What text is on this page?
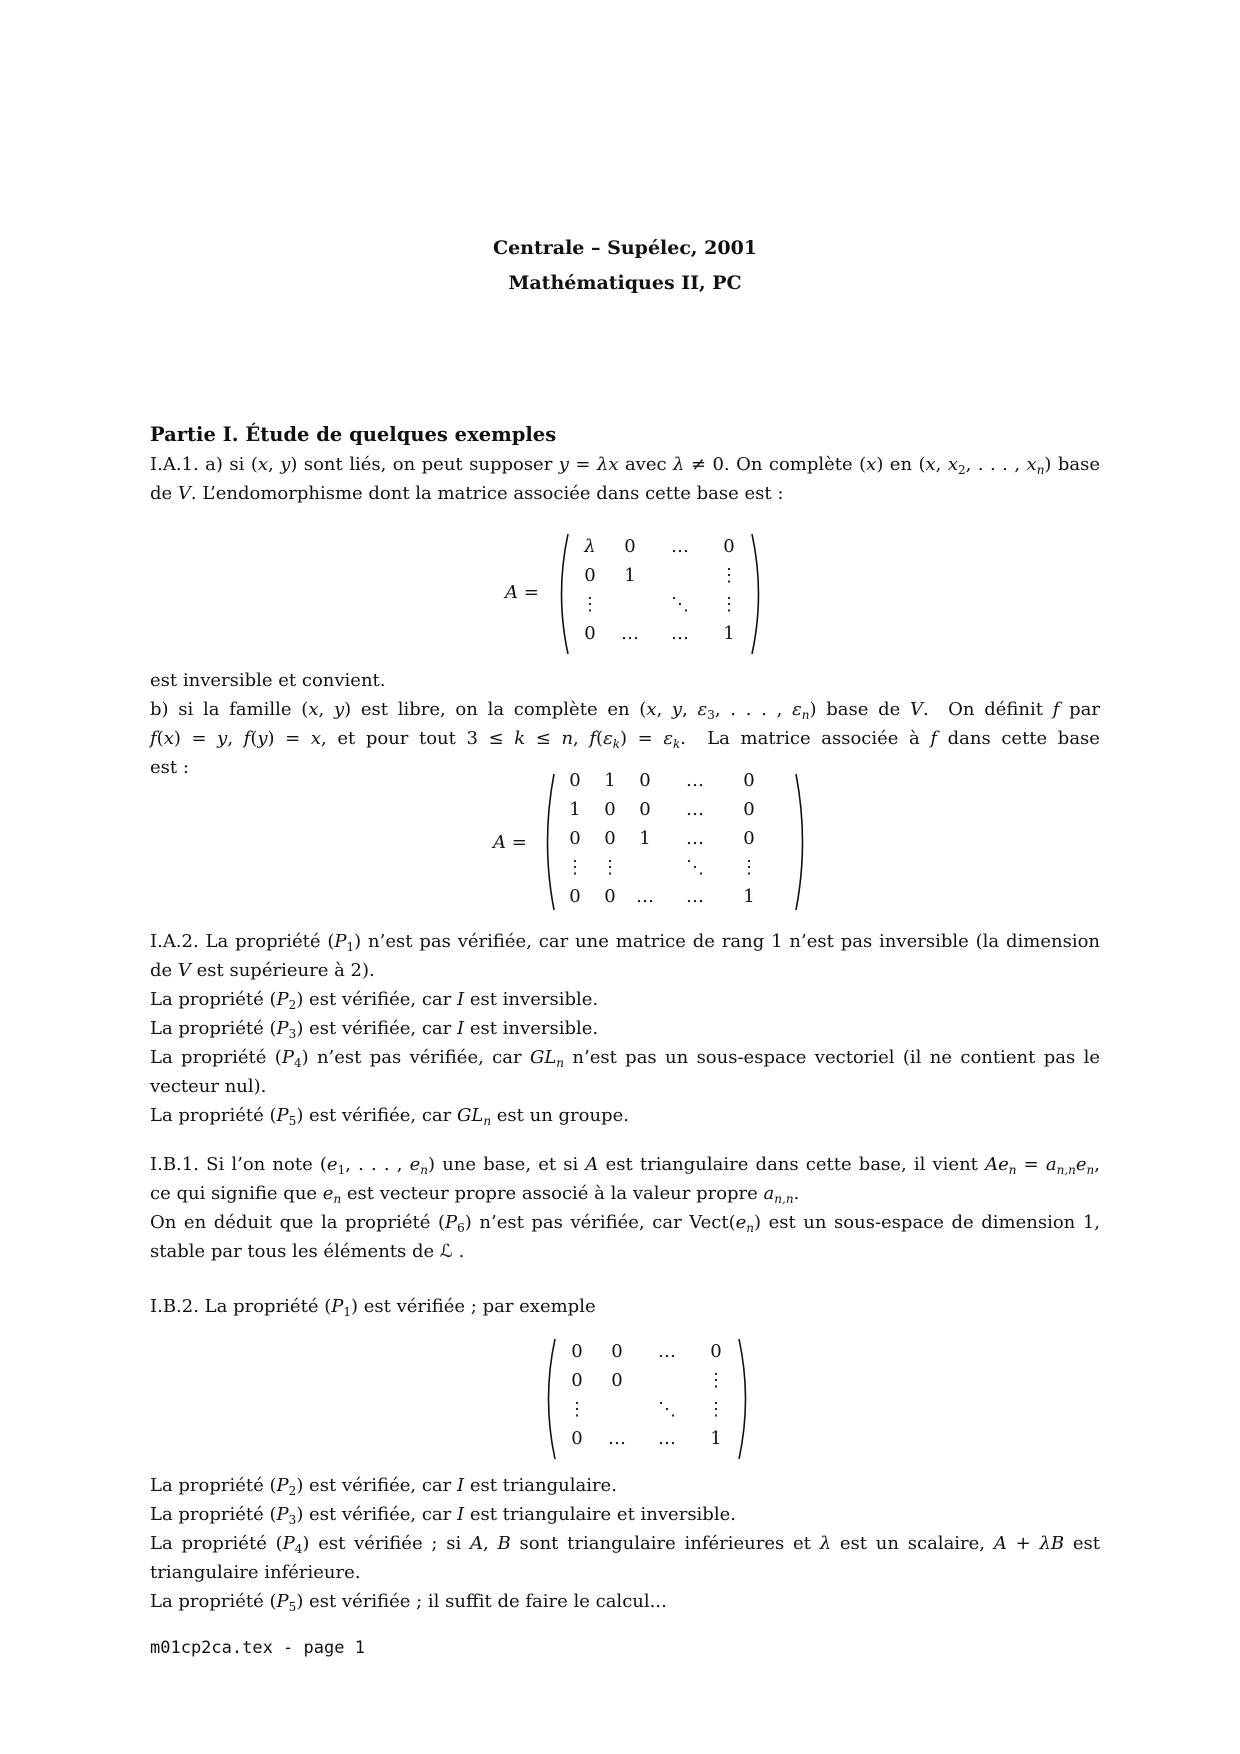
Centrale – Supélec, 2001
Mathématiques II, PC
Partie I. Étude de quelques exemples
I.A.1. a) si (x, y) sont liés, on peut supposer y = λx avec λ ≠ 0. On complète (x) en (x, $x_2$, . . . , $x_n$) base
de V. L’endomorphisme dont la matrice associée dans cette base est :
A =
λ	0	…	0
0	1		⋮
⋮		⋱	⋮
0	…	…	1
est inversible et convient.
b) si la famille (x, y) est libre, on la complète en (x, y, $\varepsilon_3$, . . . , $\varepsilon_n$) base de V.  On définit f par
f(x) = y, f(y) = x, et pour tout 3 ≤ k ≤ n, $f(\varepsilon_k) = \varepsilon_k$.  La matrice associée à f dans cette base
est :
A =
0	1	0	…	0
1	0	0	…	0
0	0	1	…	0
⋮	⋮		⋱	⋮
0	0	…	…	1
I.A.2. La propriété $(P_1)$ n’est pas vérifiée, car une matrice de rang 1 n’est pas inversible (la dimension
de V est supérieure à 2).
La propriété $(P_2)$ est vérifiée, car I est inversible.
La propriété $(P_3)$ est vérifiée, car I est inversible.
La propriété $(P_4)$ n’est pas vérifiée, car $GL_n$ n’est pas un sous-espace vectoriel (il ne contient pas le
vecteur nul).
La propriété $(P_5)$ est vérifiée, car $GL_n$ est un groupe.
I.B.1. Si l’on note ($e_1$, . . . , $e_n$) une base, et si A est triangulaire dans cette base, il vient $Ae_n = a_{n,n}e_n$,
ce qui signifie que $e_n$ est vecteur propre associé à la valeur propre $a_{n,n}$.
On en déduit que la propriété $(P_6)$ n’est pas vérifiée, car $Vect(e_n)$ est un sous-espace de dimension 1,
stable par tous les éléments de ℒ .
I.B.2. La propriété $(P_1)$ est vérifiée ; par exemple
0	0	…	0
0	0		⋮
⋮		⋱	⋮
0	…	…	1
La propriété $(P_2)$ est vérifiée, car I est triangulaire.
La propriété $(P_3)$ est vérifiée, car I est triangulaire et inversible.
La propriété $(P_4)$ est vérifiée ; si A, B sont triangulaire inférieures et λ est un scalaire, A + λB est
triangulaire inférieure.
La propriété $(P_5)$ est vérifiée ; il suffit de faire le calcul...
m01cp2ca.tex - page 1
